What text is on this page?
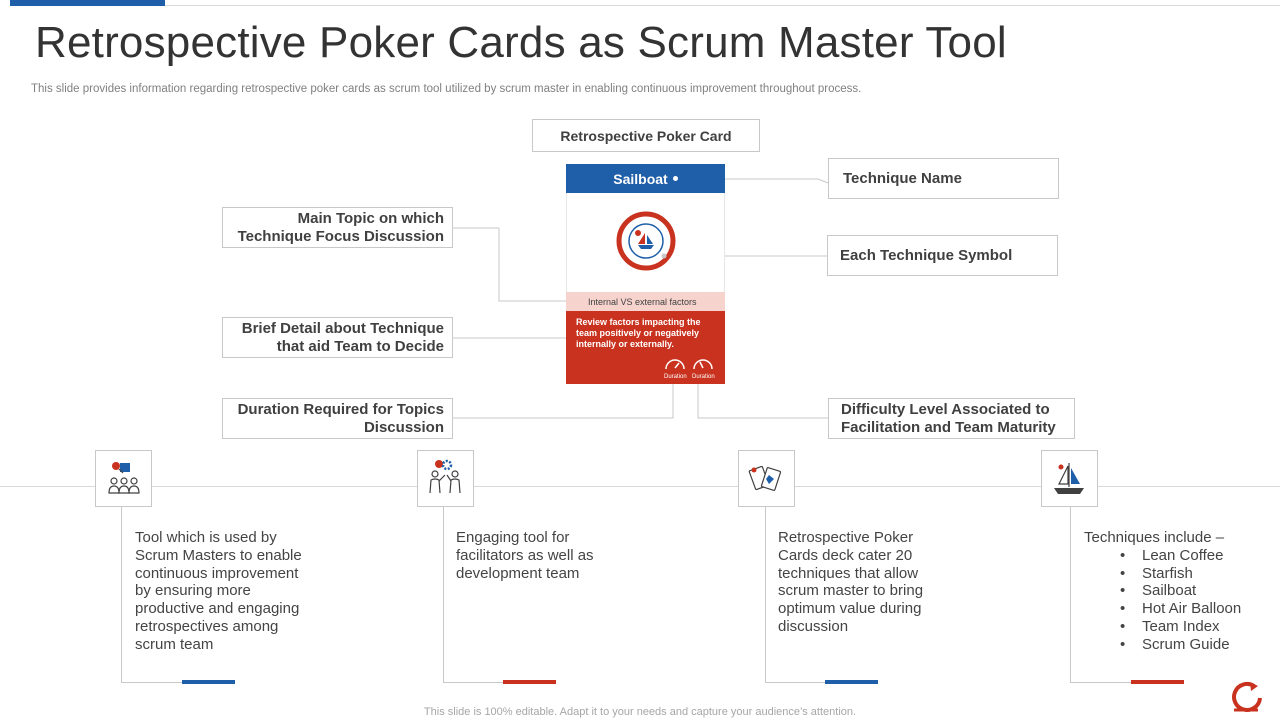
Retrospective Poker Cards as Scrum Master Tool
This slide provides information regarding retrospective poker cards as scrum tool utilized by scrum master in enabling continuous improvement throughout process.
Retrospective Poker Card
Main Topic on which Technique Focus Discussion
Brief Detail about Technique that aid Team to Decide
Duration Required for Topics Discussion
Technique Name
Each Technique Symbol
Difficulty Level Associated to Facilitation and Team Maturity
Sailboat
Internal VS external factors
Review factors impacting the team positively or negatively internally or externally.
Duration Duration
Tool which is used by Scrum Masters to enable continuous improvement by ensuring more productive and engaging retrospectives among scrum team
Engaging tool for facilitators as well as development team
Retrospective Poker Cards deck cater 20 techniques that allow scrum master to bring optimum value during discussion
Techniques include –
• Lean Coffee
• Starfish
• Sailboat
• Hot Air Balloon
• Team Index
• Scrum Guide
This slide is 100% editable. Adapt it to your needs and capture your audience’s attention.
